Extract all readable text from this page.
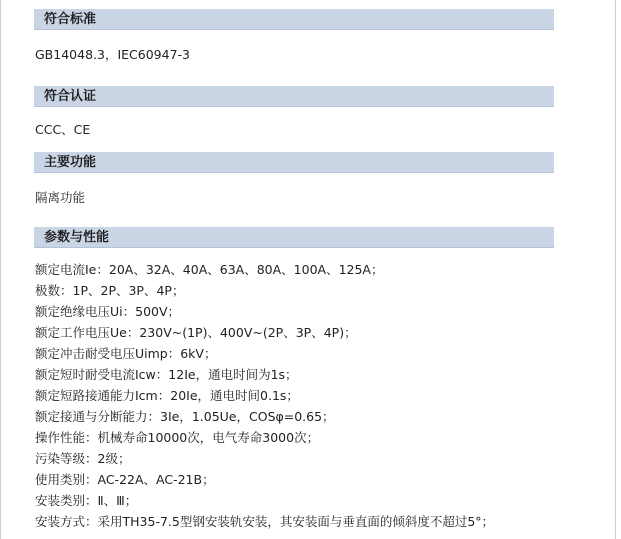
符合标准
GB14048.3，IEC60947-3
符合认证
CCC、CE
主要功能
隔离功能
参数与性能
额定电流Ie：20A、32A、40A、63A、80A、100A、125A；
极数：1P、2P、3P、4P；
额定绝缘电压Ui：500V；
额定工作电压Ue：230V~(1P)、400V~(2P、3P、4P)；
额定冲击耐受电压Uimp：6kV；
额定短时耐受电流Icw：12Ie，通电时间为1s；
额定短路接通能力Icm：20Ie，通电时间0.1s；
额定接通与分断能力：3Ie，1.05Ue，COSφ=0.65；
操作性能：机械寿命10000次，电气寿命3000次；
污染等级：2级；
使用类别：AC-22A、AC-21B；
安装类别：Ⅱ、Ⅲ；
安装方式：采用TH35-7.5型钢安装轨安装，其安装面与垂直面的倾斜度不超过5°；
